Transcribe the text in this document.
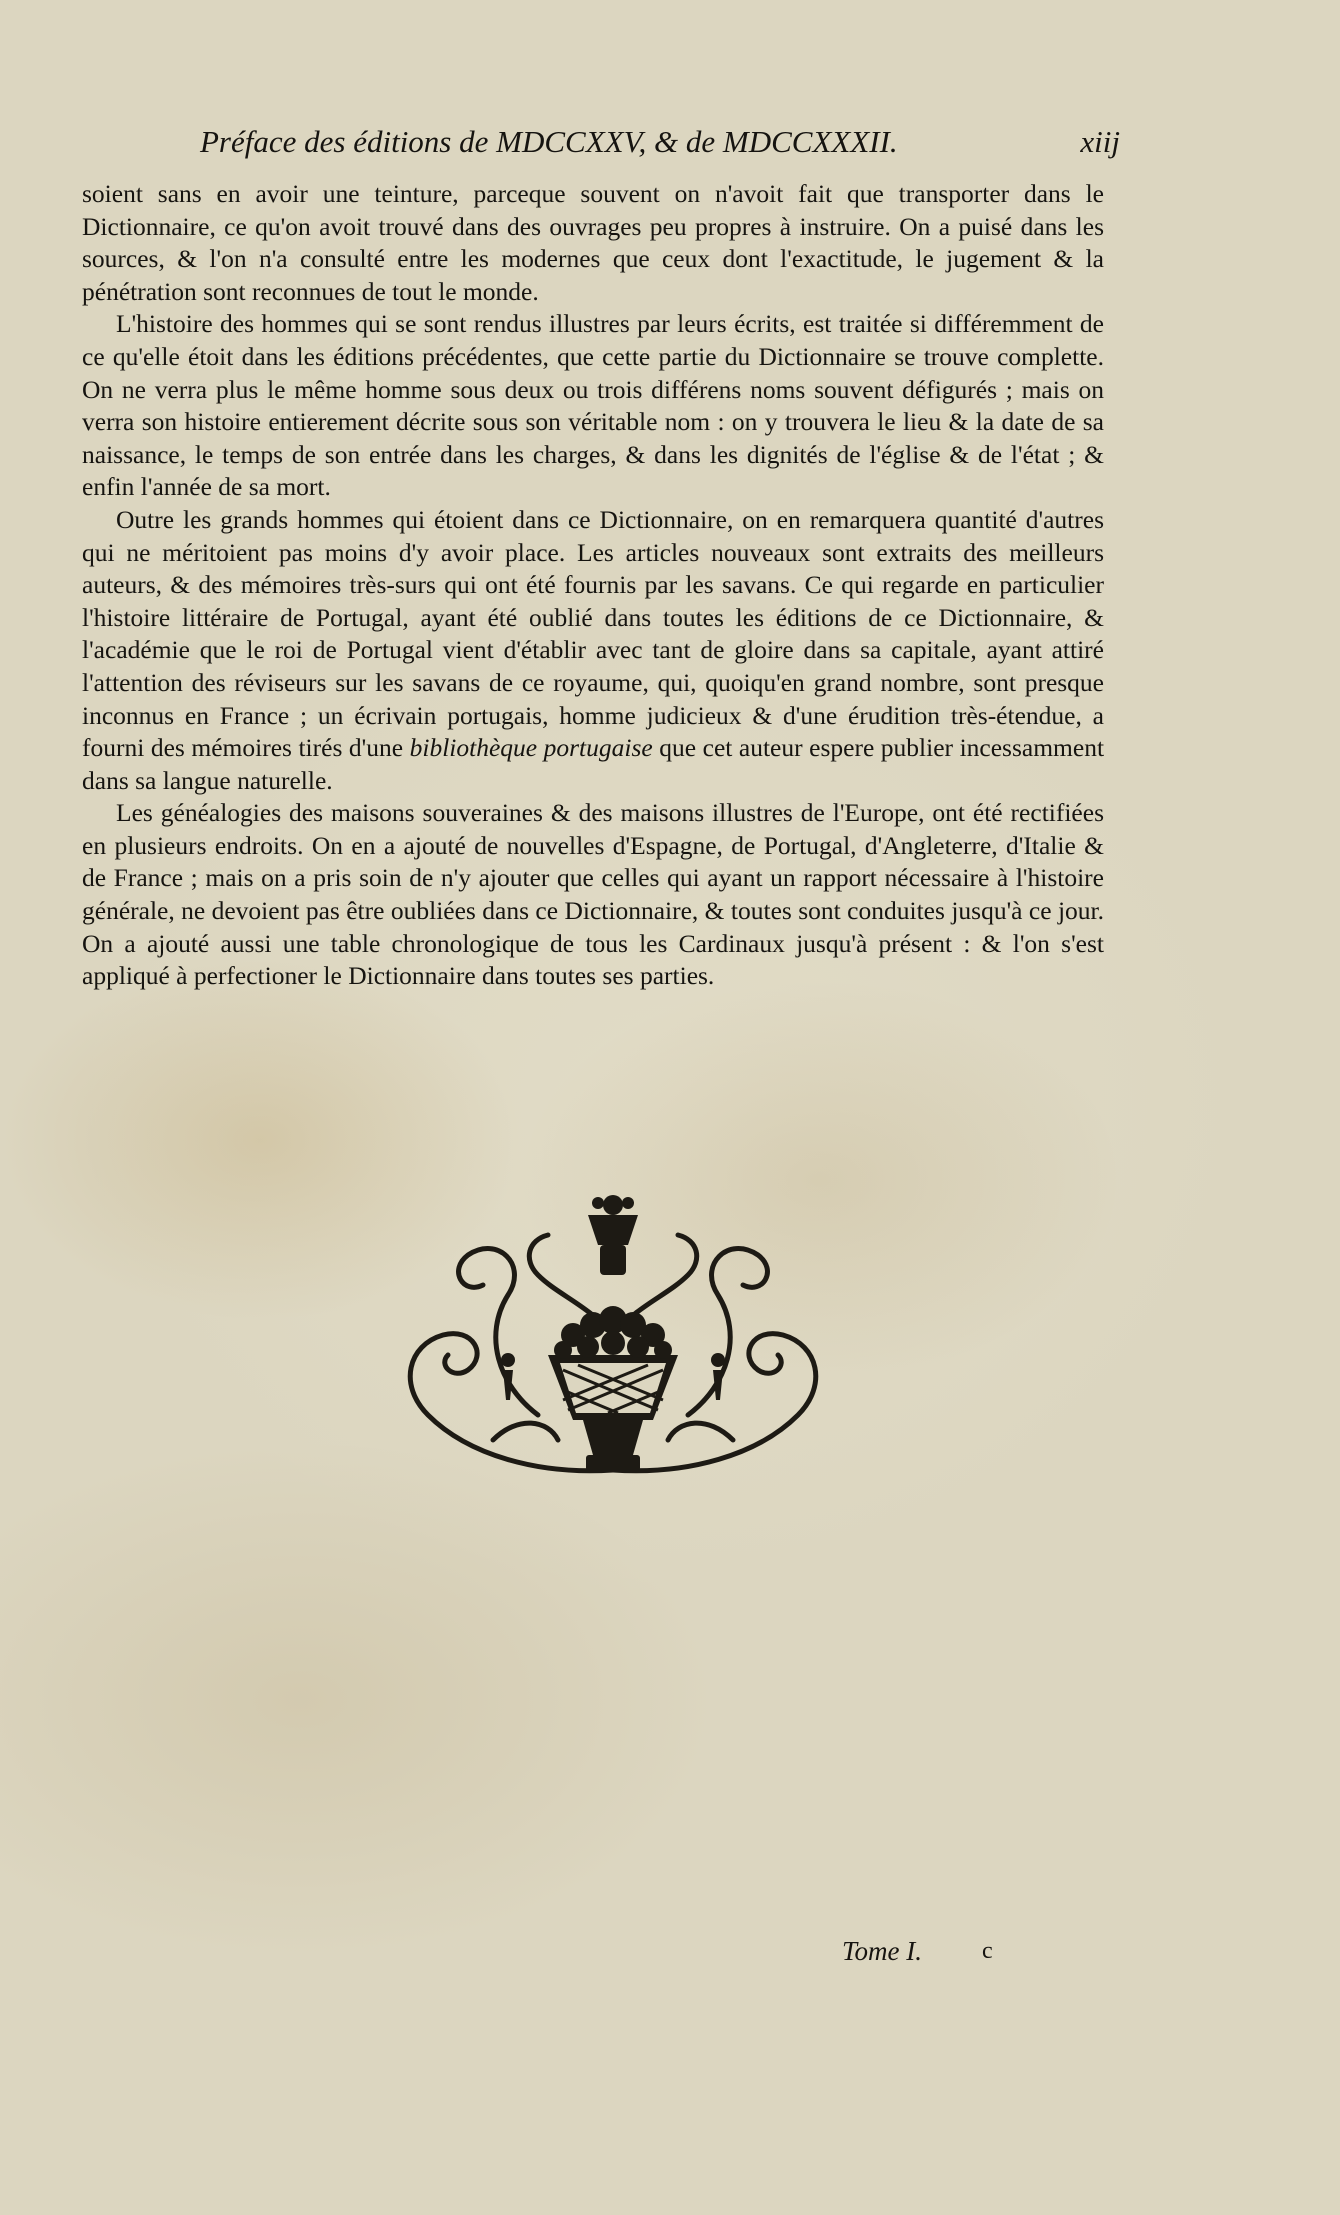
Préface des éditions de MDCCXXV, & de MDCCXXXII.	xiij

soient sans en avoir une teinture, parceque souvent on n'avoit fait que transporter dans le Dictionnaire, ce qu'on avoit trouvé dans des ouvrages peu propres à instruire. On a puisé dans les sources, & l'on n'a consulté entre les modernes que ceux dont l'exactitude, le jugement & la pénétration sont reconnues de tout le monde.

L'histoire des hommes qui se sont rendus illustres par leurs écrits, est traitée si différemment de ce qu'elle étoit dans les éditions précédentes, que cette partie du Dictionnaire se trouve complette. On ne verra plus le même homme sous deux ou trois différens noms souvent défigurés ; mais on verra son histoire entierement décrite sous son véritable nom : on y trouvera le lieu & la date de sa naissance, le temps de son entrée dans les charges, & dans les dignités de l'église & de l'état ; & enfin l'année de sa mort.

Outre les grands hommes qui étoient dans ce Dictionnaire, on en remarquera quantité d'autres qui ne méritoient pas moins d'y avoir place. Les articles nouveaux sont extraits des meilleurs auteurs, & des mémoires très-surs qui ont été fournis par les savans. Ce qui regarde en particulier l'histoire littéraire de Portugal, ayant été oublié dans toutes les éditions de ce Dictionnaire, & l'académie que le roi de Portugal vient d'établir avec tant de gloire dans sa capitale, ayant attiré l'attention des réviseurs sur les savans de ce royaume, qui, quoiqu'en grand nombre, sont presque inconnus en France ; un écrivain portugais, homme judicieux & d'une érudition très-étendue, a fourni des mémoires tirés d'une bibliothèque portugaise que cet auteur espere publier incessamment dans sa langue naturelle.

Les généalogies des maisons souveraines & des maisons illustres de l'Europe, ont été rectifiées en plusieurs endroits. On en a ajouté de nouvelles d'Espagne, de Portugal, d'Angleterre, d'Italie & de France ; mais on a pris soin de n'y ajouter que celles qui ayant un rapport nécessaire à l'histoire générale, ne devoient pas être oubliées dans ce Dictionnaire, & toutes sont conduites jusqu'à ce jour. On a ajouté aussi une table chronologique de tous les Cardinaux jusqu'à présent : & l'on s'est appliqué à perfectioner le Dictionnaire dans toutes ses parties.

Tome I. c
